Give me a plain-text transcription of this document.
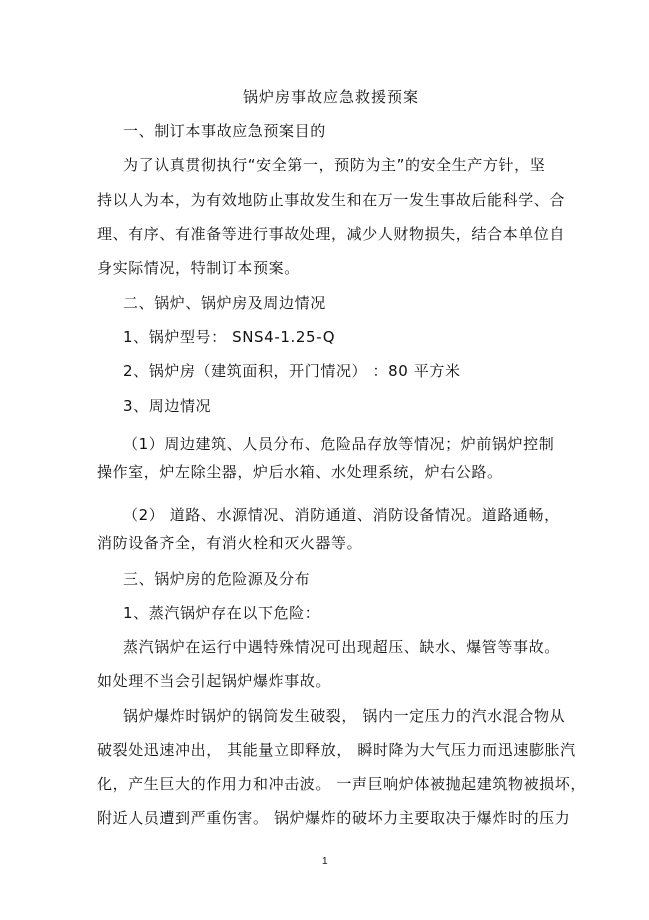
锅炉房事故应急救援预案
一、制订本事故应急预案目的
为了认真贯彻执行“安全第一，预防为主”的安全生产方针，坚
持以人为本，为有效地防止事故发生和在万一发生事故后能科学、合
理、有序、有准备等进行事故处理，减少人财物损失，结合本单位自
身实际情况，特制订本预案。
二、锅炉、锅炉房及周边情况
1、锅炉型号： SNS4-1.25-Q
2、锅炉房（建筑面积，开门情况） ：80 平方米
3、周边情况
（1）周边建筑、人员分布、危险品存放等情况；炉前锅炉控制
操作室，炉左除尘器，炉后水箱、水处理系统，炉右公路。
（2） 道路、水源情况、消防通道、消防设备情况。道路通畅，
消防设备齐全，有消火栓和灭火器等。
三、锅炉房的危险源及分布
1、蒸汽锅炉存在以下危险：
蒸汽锅炉在运行中遇特殊情况可出现超压、缺水、爆管等事故。
如处理不当会引起锅炉爆炸事故。
锅炉爆炸时锅炉的锅筒发生破裂， 锅内一定压力的汽水混合物从
破裂处迅速冲出， 其能量立即释放， 瞬时降为大气压力而迅速膨胀汽
化，产生巨大的作用力和冲击波。 一声巨响炉体被抛起建筑物被损坏，
附近人员遭到严重伤害。 锅炉爆炸的破坏力主要取决于爆炸时的压力
1
